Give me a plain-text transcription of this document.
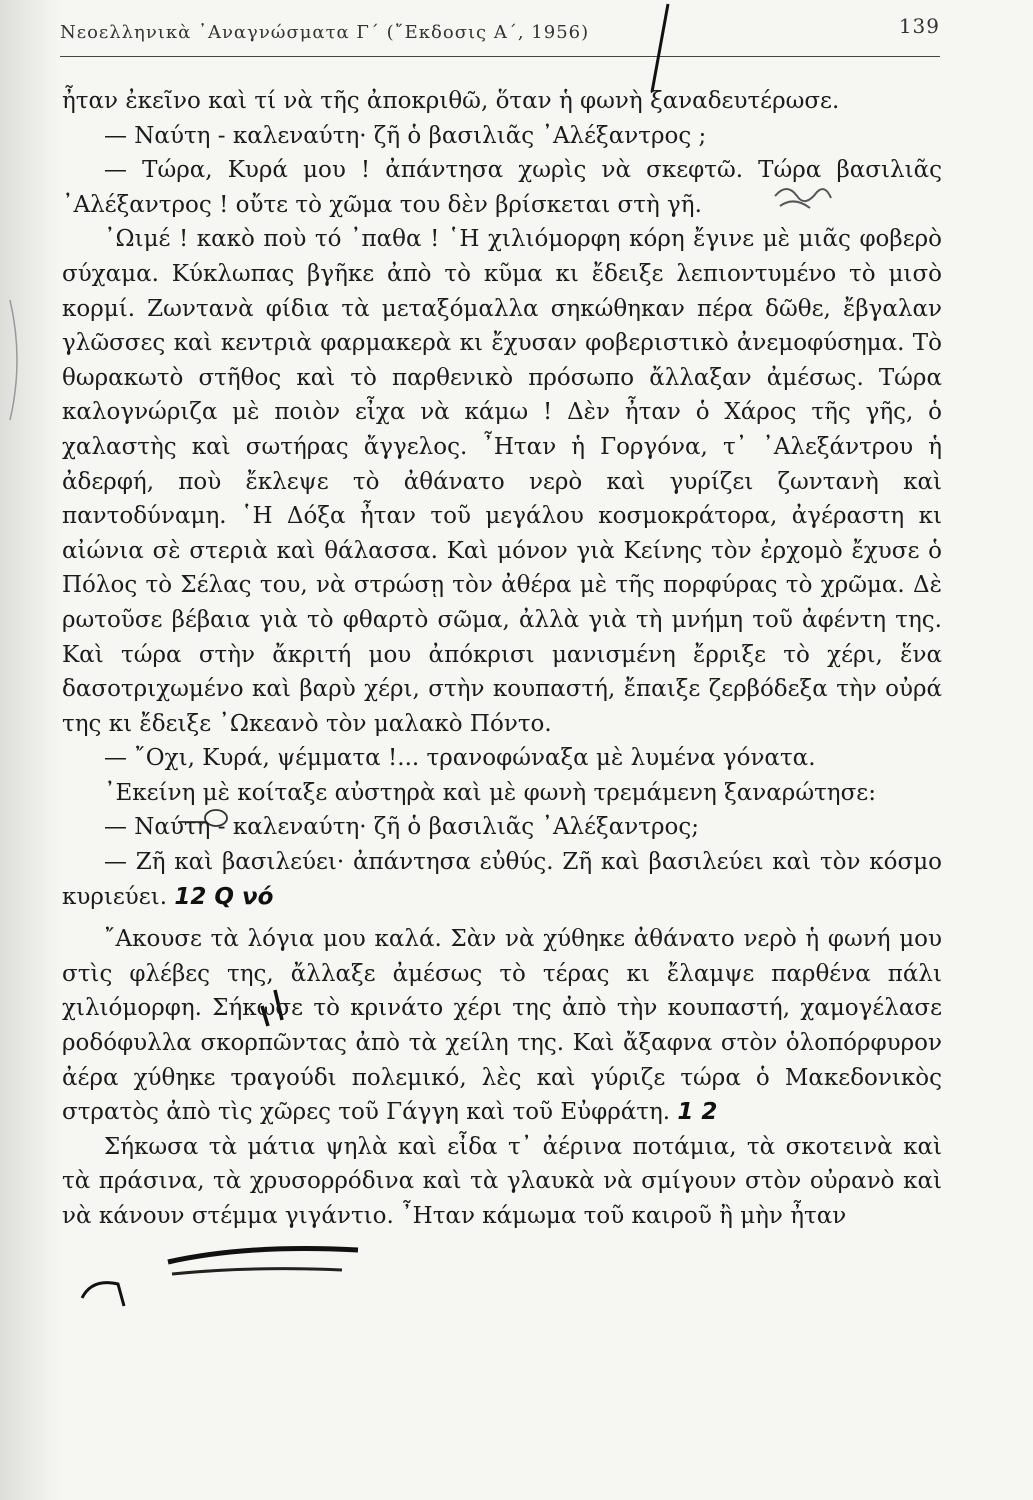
Νεοελληνικὰ ᾿Αναγνώσματα Γ΄ (῎Εκδοσις Α΄, 1956)	139

ἦταν ἐκεῖνο καὶ τί νὰ τῆς ἀποκριθῶ, ὅταν ἡ φωνὴ ξαναδευτέρωσε.

— Ναύτη - καλεναύτη· ζῆ ὁ βασιλιᾶς ᾿Αλέξαντρος ;

— Τώρα, Κυρά μου ! ἀπάντησα χωρὶς νὰ σκεφτῶ. Τώρα βασιλιᾶς ᾿Αλέξαντρος ! οὔτε τὸ χῶμα του δὲν βρίσκεται στὴ γῆ.

᾿Ωιμέ ! κακὸ ποὺ τό ᾿παθα ! ῾Η χιλιόμορφη κόρη ἔγινε μὲ μιᾶς φοβερὸ σύχαμα. Κύκλωπας βγῆκε ἀπὸ τὸ κῦμα κι ἔδειξε λεπιοντυμένο τὸ μισὸ κορμί. Ζωντανὰ φίδια τὰ μεταξόμαλλα σηκώθηκαν πέρα δῶθε, ἔβγαλαν γλῶσσες καὶ κεντριὰ φαρμακερὰ κι ἔχυσαν φοβεριστικὸ ἀνεμοφύσημα. Τὸ θωρακωτὸ στῆθος καὶ τὸ παρθενικὸ πρόσωπο ἄλλαξαν ἀμέσως. Τώρα καλογνώριζα μὲ ποιὸν εἶχα νὰ κάμω ! Δὲν ἦταν ὁ Χάρος τῆς γῆς, ὁ χαλαστὴς καὶ σωτήρας ἄγγελος. ῏Ηταν ἡ Γοργόνα, τ᾿ ᾿Αλεξάντρου ἡ ἀδερφή, ποὺ ἔκλεψε τὸ ἀθάνατο νερὸ καὶ γυρίζει ζωντανὴ καὶ παντοδύναμη. ῾Η Δόξα ἦταν τοῦ μεγάλου κοσμοκράτορα, ἀγέραστη κι αἰώνια σὲ στεριὰ καὶ θάλασσα. Καὶ μόνον γιὰ Κείνης τὸν ἐρχομὸ ἔχυσε ὁ Πόλος τὸ Σέλας του, νὰ στρώσῃ τὸν ἀθέρα μὲ τῆς πορφύρας τὸ χρῶμα. Δὲ ρωτοῦσε βέβαια γιὰ τὸ φθαρτὸ σῶμα, ἀλλὰ γιὰ τὴ μνήμη τοῦ ἀφέντη της. Καὶ τώρα στὴν ἄκριτή μου ἀπόκρισι μανισμένη ἔρριξε τὸ χέρι, ἕνα δασοτριχωμένο καὶ βαρὺ χέρι, στὴν κουπαστή, ἔπαιξε ζερβόδεξα τὴν οὐρά της κι ἔδειξε ᾿Ωκεανὸ τὸν μαλακὸ Πόντο.

— ῎Οχι, Κυρά, ψέμματα !... τρανοφώναξα μὲ λυμένα γόνατα.

᾿Εκείνη μὲ κοίταξε αὐστηρὰ καὶ μὲ φωνὴ τρεμάμενη ξαναρώτησε:

— Ναύτη - καλεναύτη· ζῆ ὁ βασιλιᾶς ᾿Αλέξαντρος;

— Ζῆ καὶ βασιλεύει· ἀπάντησα εὐθύς. Ζῆ καὶ βασιλεύει καὶ τὸν κόσμο κυριεύει. 12 Q νό

῎Ακουσε τὰ λόγια μου καλά. Σὰν νὰ χύθηκε ἀθάνατο νερὸ ἡ φωνή μου στὶς φλέβες της, ἄλλαξε ἀμέσως τὸ τέρας κι ἔλαμψε παρθένα πάλι χιλιόμορφη. Σήκωσε τὸ κρινάτο χέρι της ἀπὸ τὴν κουπαστή, χαμογέλασε ροδόφυλλα σκορπῶντας ἀπὸ τὰ χείλη της. Καὶ ἄξαφνα στὸν ὁλοπόρφυρον ἀέρα χύθηκε τραγούδι πολεμικό, λὲς καὶ γύριζε τώρα ὁ Μακεδονικὸς στρατὸς ἀπὸ τὶς χῶρες τοῦ Γάγγη καὶ τοῦ Εὐφράτη. 1 2

Σήκωσα τὰ μάτια ψηλὰ καὶ εἶδα τ᾿ ἀέρινα ποτάμια, τὰ σκοτεινὰ καὶ τὰ πράσινα, τὰ χρυσορρόδινα καὶ τὰ γλαυκὰ νὰ σμίγουν στὸν οὐρανὸ καὶ νὰ κάνουν στέμμα γιγάντιο. ῏Ηταν κάμωμα τοῦ καιροῦ ἢ μὴν ἦταν
